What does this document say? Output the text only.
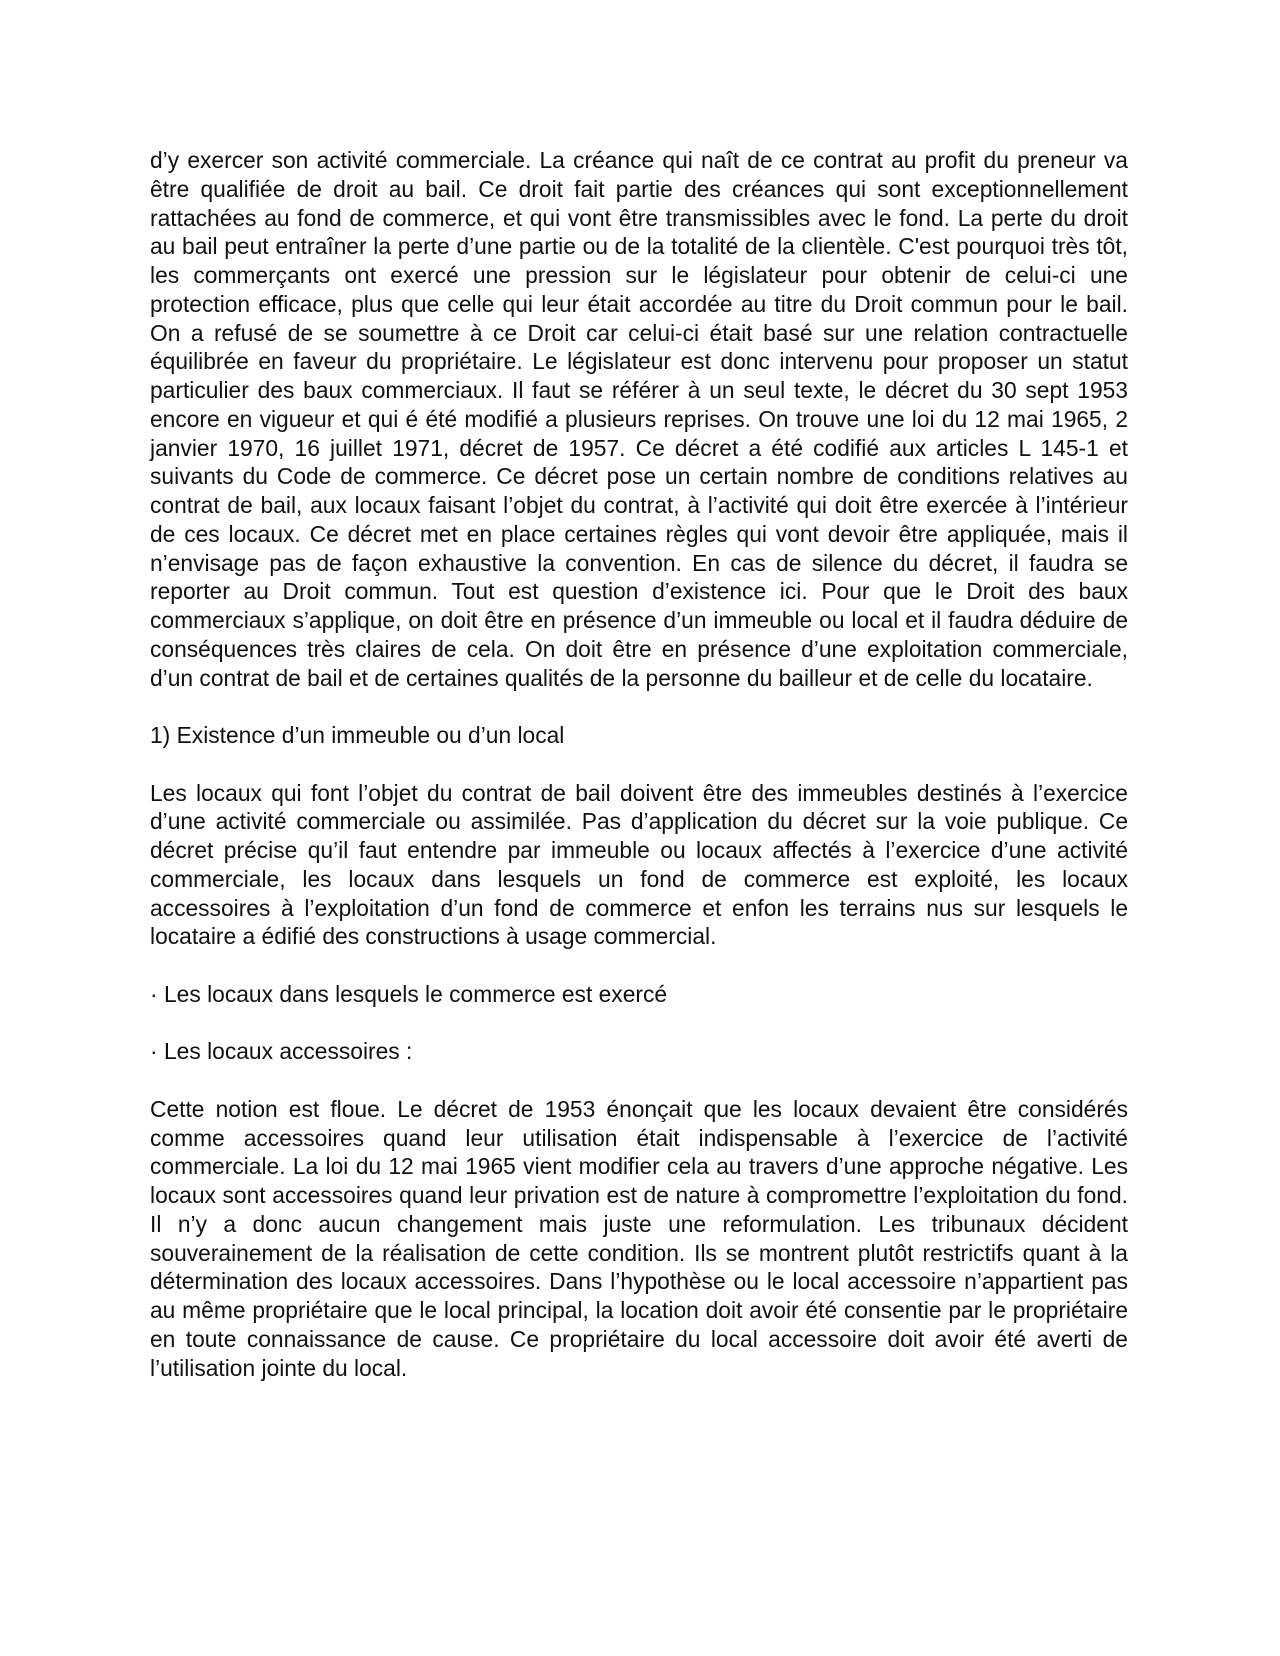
d’y exercer son activité commerciale. La créance qui naît de ce contrat au profit du preneur va être qualifiée de droit au bail. Ce droit fait partie des créances qui sont exceptionnellement rattachées au fond de commerce, et qui vont être transmissibles avec le fond. La perte du droit au bail peut entraîner la perte d’une partie ou de la totalité de la clientèle. C'est pourquoi très tôt, les commerçants ont exercé une pression sur le législateur pour obtenir de celui-ci une protection efficace, plus que celle qui leur était accordée au titre du Droit commun pour le bail. On a refusé de se soumettre à ce Droit car celui-ci était basé sur une relation contractuelle équilibrée en faveur du propriétaire. Le législateur est donc intervenu pour proposer un statut particulier des baux commerciaux. Il faut se référer à un seul texte, le décret du 30 sept 1953 encore en vigueur et qui é été modifié a plusieurs reprises. On trouve une loi du 12 mai 1965, 2 janvier 1970, 16 juillet 1971, décret de 1957. Ce décret a été codifié aux articles L 145-1 et suivants du Code de commerce. Ce décret pose un certain nombre de conditions relatives au contrat de bail, aux locaux faisant l’objet du contrat, à l’activité qui doit être exercée à l’intérieur de ces locaux. Ce décret met en place certaines règles qui vont devoir être appliquée, mais il n’envisage pas de façon exhaustive la convention. En cas de silence du décret, il faudra se reporter au Droit commun. Tout est question d’existence ici. Pour que le Droit des baux commerciaux s’applique, on doit être en présence d’un immeuble ou local et il faudra déduire de conséquences très claires de cela. On doit être en présence d’une exploitation commerciale, d’un contrat de bail et de certaines qualités de la personne du bailleur et de celle du locataire.

1) Existence d’un immeuble ou d’un local

Les locaux qui font l’objet du contrat de bail doivent être des immeubles destinés à l’exercice d’une activité commerciale ou assimilée. Pas d’application du décret sur la voie publique. Ce décret précise qu’il faut entendre par immeuble ou locaux affectés à l’exercice d’une activité commerciale, les locaux dans lesquels un fond de commerce est exploité, les locaux accessoires à l’exploitation d’un fond de commerce et enfon les terrains nus sur lesquels le locataire a édifié des constructions à usage commercial.

· Les locaux dans lesquels le commerce est exercé

· Les locaux accessoires :

Cette notion est floue. Le décret de 1953 énonçait que les locaux devaient être considérés comme accessoires quand leur utilisation était indispensable à l’exercice de l’activité commerciale. La loi du 12 mai 1965 vient modifier cela au travers d’une approche négative. Les locaux sont accessoires quand leur privation est de nature à compromettre l’exploitation du fond. Il n’y a donc aucun changement mais juste une reformulation. Les tribunaux décident souverainement de la réalisation de cette condition. Ils se montrent plutôt restrictifs quant à la détermination des locaux accessoires. Dans l’hypothèse ou le local accessoire n’appartient pas au même propriétaire que le local principal, la location doit avoir été consentie par le propriétaire en toute connaissance de cause. Ce propriétaire du local accessoire doit avoir été averti de l’utilisation jointe du local.
